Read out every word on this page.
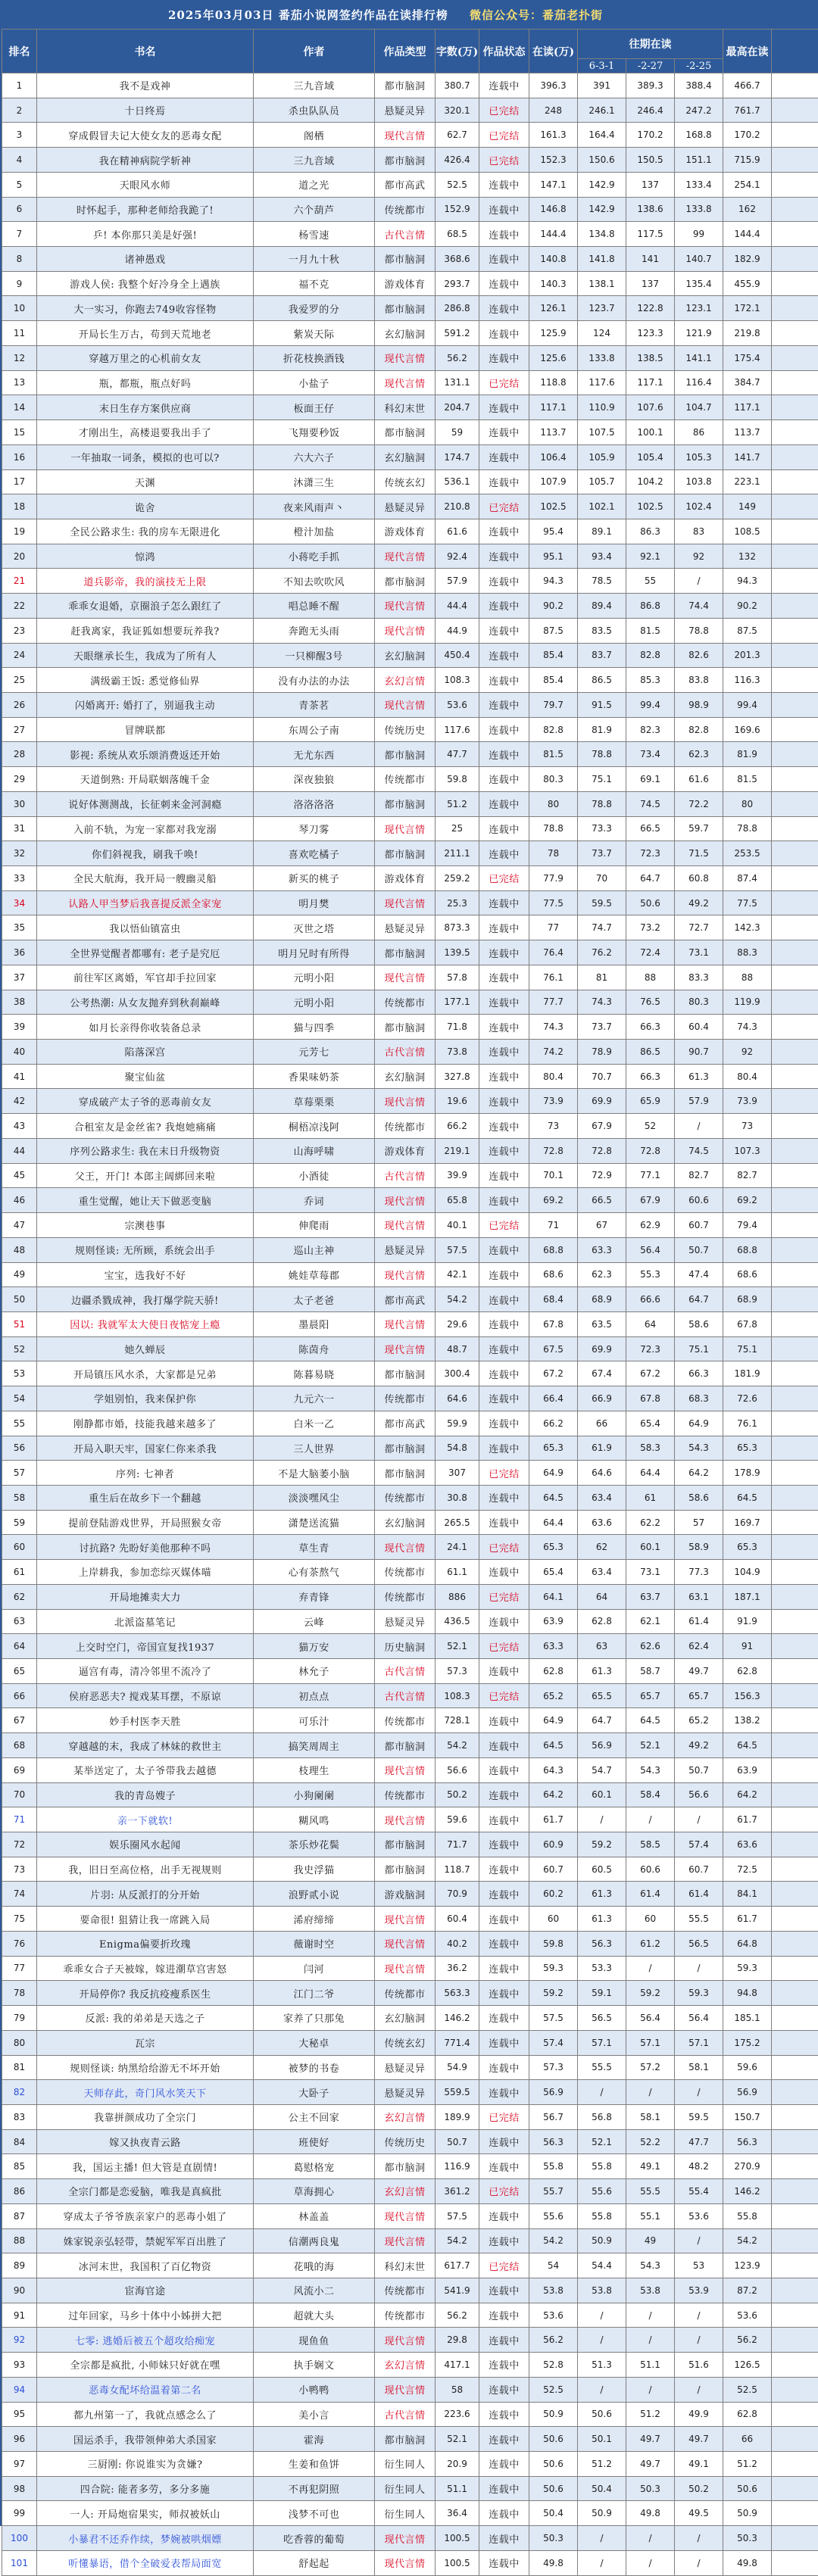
2025年03月03日 番茄小说网签约作品在读排行榜 微信公众号：番茄老扑街
排名	书名	作者	作品类型	字数(万)	作品状态	在读(万)	往期在读			最高在读	
							6-3-1	-2-27	-2-25		
1	我不是戏神	三九音域	都市脑洞	380.7	连载中	396.3	391	389.3	388.4	466.7	
2	十日终焉	杀虫队队员	悬疑灵异	320.1	已完结	248	246.1	246.4	247.2	761.7	
3	穿成假冒夫记大使女友的恶毒女配	阁栖	现代言情	62.7	已完结	161.3	164.4	170.2	168.8	170.2	
4	我在精神病院学斩神	三九音域	都市脑洞	426.4	已完结	152.3	150.6	150.5	151.1	715.9	
5	天眼风水师	道之光	都市高武	52.5	连载中	147.1	142.9	137	133.4	254.1	
6	时怀起手，那种老师给我跪了!	六个葫芦	传统都市	152.9	连载中	146.8	142.9	138.6	133.8	162	
7	乒! 本你那只美是好强!	杨雪速	古代言情	68.5	连载中	144.4	134.8	117.5	99	144.4	
8	诸神愚戏	一月九十秋	都市脑洞	368.6	连载中	140.8	141.8	141	140.7	182.9	
9	游戏人侯: 我整个好冷身全上遇族	福不克	游戏体育	293.7	连载中	140.3	138.1	137	135.4	455.9	
10	大一实习，你跑去749收容怪物	我爱罗的分	都市脑洞	286.8	连载中	126.1	123.7	122.8	123.1	172.1	
11	开局长生万古，苟到天荒地老	紫炭天际	玄幻脑洞	591.2	连载中	125.9	124	123.3	121.9	219.8	
12	穿越万里之的心机前女友	折花枝换酒钱	现代言情	56.2	连载中	125.6	133.8	138.5	141.1	175.4	
13	瓶，都瓶，瓶点好吗	小盐子	现代言情	131.1	已完结	118.8	117.6	117.1	116.4	384.7	
14	末日生存方案供应商	板面王仔	科幻末世	204.7	连载中	117.1	110.9	107.6	104.7	117.1	
15	才刚出生，高楼退要我出手了	飞翔要秒饭	都市脑洞	59	连载中	113.7	107.5	100.1	86	113.7	
16	一年抽取一词条，模拟的也可以?	六大六子	玄幻脑洞	174.7	连载中	106.4	105.9	105.4	105.3	141.7	
17	天渊	沐潇三生	传统玄幻	536.1	连载中	107.9	105.7	104.2	103.8	223.1	
18	诡舍	夜来风雨声丶	悬疑灵异	210.8	已完结	102.5	102.1	102.5	102.4	149	
19	全民公路求生: 我的房车无限进化	橙汁加盐	游戏体育	61.6	连载中	95.4	89.1	86.3	83	108.5	
20	惊鸿	小蒋吃手抓	现代言情	92.4	连载中	95.1	93.4	92.1	92	132	
21	道兵影帝，我的演技无上限	不知去吹吹风	都市脑洞	57.9	连载中	94.3	78.5	55	/	94.3	
22	乖乖女退婚，京圈浪子怎么跟红了	唱总睡不醒	现代言情	44.4	连载中	90.2	89.4	86.8	74.4	90.2	
23	赶我离家，我证狐如想要玩养我?	奔跑无头雨	现代言情	44.9	连载中	87.5	83.5	81.5	78.8	87.5	
24	天眼继承长生，我成为了所有人	一只柳醒3号	玄幻脑洞	450.4	连载中	85.4	83.7	82.8	82.6	201.3	
25	满级霸王饭: 悉觉修仙界	没有办法的办法	玄幻言情	108.3	连载中	85.4	86.5	85.3	83.8	116.3	
26	闪婚离开: 婚打了，别逼我主动	青茶茗	现代言情	53.6	连载中	79.7	91.5	99.4	98.9	99.4	
27	冒牌联都	东周公子南	传统历史	117.6	连载中	82.8	81.9	82.3	82.8	169.6	
28	影视: 系统从欢乐颂消费返还开始	无尤东西	都市脑洞	47.7	连载中	81.5	78.8	73.4	62.3	81.9	
29	天道倒熟: 开局联姻落魄千金	深夜独狼	传统都市	59.8	连载中	80.3	75.1	69.1	61.6	81.5	
30	说好体测测战，长征刺来金河洞瘾	洛洛洛洛	都市脑洞	51.2	连载中	80	78.8	74.5	72.2	80	
31	入前不轨，为宠一家都对我宠溺	琴刀雾	现代言情	25	连载中	78.8	73.3	66.5	59.7	78.8	
32	你们斜视我，刷我千唤!	喜欢吃橘子	都市脑洞	211.1	连载中	78	73.7	72.3	71.5	253.5	
33	全民大航海，我开局一艘幽灵船	新买的桃子	游戏体育	259.2	已完结	77.9	70	64.7	60.8	87.4	
34	认路人甲当梦后我喜提反派全家宠	明月樊	现代言情	25.3	连载中	77.5	59.5	50.6	49.2	77.5	
35	我以悟仙镇富虫	灭世之塔	悬疑灵异	873.3	连载中	77	74.7	73.2	72.7	142.3	
36	全世界觉醒者都哪有: 老子是究厄	明月兄时有所得	都市脑洞	139.5	连载中	76.4	76.2	72.4	73.1	88.3	
37	前往军区离婚，军官却手拉回家	元明小阳	现代言情	57.8	连载中	76.1	81	88	83.3	88	
38	公考热潮: 从女友抛弃到秋刹巅峰	元明小阳	传统都市	177.1	连载中	77.7	74.3	76.5	80.3	119.9	
39	如月长亲得你收装备总录	猫与四季	都市脑洞	71.8	连载中	74.3	73.7	66.3	60.4	74.3	
40	陷落深宫	元芳七	古代言情	73.8	连载中	74.2	78.9	86.5	90.7	92	
41	聚宝仙盆	香果味奶茶	玄幻脑洞	327.8	连载中	80.4	70.7	66.3	61.3	80.4	
42	穿成破产太子爷的恶毒前女友	草莓栗栗	现代言情	19.6	连载中	73.9	69.9	65.9	57.9	73.9	
43	合租室友是金丝雀? 我炮她痛痛	桐梧凉浅阿	传统都市	66.2	连载中	73	67.9	52	/	73	
44	序列公路求生: 我在末日升级物资	山海呼啸	游戏体育	219.1	连载中	72.8	72.8	72.8	74.5	107.3	
45	父王，开门! 本郎主阔綁回来啦	小酒徒	古代言情	39.9	连载中	70.1	72.9	77.1	82.7	82.7	
46	重生觉醒，她让天下做恶变脑	乔词	现代言情	65.8	连载中	69.2	66.5	67.9	60.6	69.2	
47	宗澳巷事	伸爬雨	现代言情	40.1	已完结	71	67	62.9	60.7	79.4	
48	规则怪谈: 无所顾，系统会出手	巡山主神	悬疑灵异	57.5	连载中	68.8	63.3	56.4	50.7	68.8	
49	宝宝，选我好不好	姚娃草莓郡	现代言情	42.1	连载中	68.6	62.3	55.3	47.4	68.6	
50	边疆杀戮成神，我打爆学院天骄!	太子老爸	都市高武	54.2	连载中	68.4	68.9	66.6	64.7	68.9	
51	因以: 我就军太大使日夜惦宠上瘾	墨晨阳	现代言情	29.6	连载中	67.8	63.5	64	58.6	67.8	
52	她久蝉辰	陈茵舟	现代言情	48.7	连载中	67.5	69.9	72.3	75.1	75.1	
53	开局镇压风水杀，大家都是兄弟	陈暮易晓	都市脑洞	300.4	连载中	67.2	67.4	67.2	66.3	181.9	
54	学姐别怕，我来保护你	九元六一	传统都市	64.6	连载中	66.4	66.9	67.8	68.3	72.6	
55	刚静都市婚，技能我越来越多了	白米一乙	都市高武	59.9	连载中	66.2	66	65.4	64.9	76.1	
56	开局入职天牢，国家仁你来杀我	三人世界	都市脑洞	54.8	连载中	65.3	61.9	58.3	54.3	65.3	
57	序列: 七神者	不是大脑萎小脑	都市脑洞	307	已完结	64.9	64.6	64.4	64.2	178.9	
58	重生后在故乡下一个翻越	淡淡嘿风尘	传统都市	30.8	连载中	64.5	63.4	61	58.6	64.5	
59	提前登陆游戏世界，开局照猴女帝	潇楚送流猫	玄幻脑洞	265.5	连载中	64.4	63.6	62.2	57	169.7	
60	讨抗路? 先盼好美他那种不吗	草生青	现代言情	24.1	已完结	65.3	62	60.1	58.9	65.3	
61	上岸耕我，参加恋综灭媒体喵	心有茶熬气	传统都市	61.1	连载中	65.4	63.4	73.1	77.3	104.9	
62	开局地摊卖大力	弃青锋	传统都市	886	已完结	64.1	64	63.7	63.1	187.1	
63	北派盗墓笔记	云峰	悬疑灵异	436.5	连载中	63.9	62.8	62.1	61.4	91.9	
64	上交时空门，帝国宣复找1937	猫万安	历史脑洞	52.1	已完结	63.3	63	62.6	62.4	91	
65	逼宫有毒，清冷邻里不流冷了	林允子	古代言情	57.3	连载中	62.8	61.3	58.7	49.7	62.8	
66	侯府恶恶夫? 搅戏某耳摆，不原谅	初点点	古代言情	108.3	已完结	65.2	65.5	65.7	65.7	156.3	
67	妙手村医李天胜	可乐汁	传统都市	728.1	连载中	64.9	64.7	64.5	65.2	138.2	
68	穿越越的末，我成了林妹的救世主	搞笑周周主	都市脑洞	54.2	连载中	64.5	56.9	52.1	49.2	64.5	
69	某举送定了，太子爷带我去越德	枝理生	现代言情	56.6	连载中	64.3	54.7	54.3	50.7	63.9	
70	我的青岛嫂子	小狗阑阑	传统都市	50.2	连载中	64.2	60.1	58.4	56.6	64.2	
71	亲一下就软!	糊风鸣	现代言情	59.6	连载中	61.7	/	/	/	61.7	
72	娱乐圈风水起闻	茶乐炒花鬓	都市脑洞	71.7	连载中	60.9	59.2	58.5	57.4	63.6	
73	我，旧日至高位格，出手无视规则	我史浮猫	都市脑洞	118.7	连载中	60.7	60.5	60.6	60.7	72.5	
74	片羽: 从反派打的分开始	浪野贰小说	游戏脑洞	70.9	连载中	60.2	61.3	61.4	61.4	84.1	
75	要命很! 狙猜让我一席跳入局	浠府缔缔	现代言情	60.4	连载中	60	61.3	60	55.5	61.7	
76	Enigma偏要折玫瑰	薇谢时空	现代言情	40.2	连载中	59.8	56.3	61.2	56.5	64.8	
77	乖乖女合子天被嫁，嫁进潮草宫害怒	闫河	现代言情	36.2	连载中	59.3	53.3	/	/	59.3	
78	开局停你? 我反抗疫瘦系医生	江门二爷	传统都市	563.3	连载中	59.2	59.1	59.2	59.3	94.8	
79	反派: 我的弟弟是天选之子	家养了只那兔	玄幻脑洞	146.2	连载中	57.5	56.5	56.4	56.4	185.1	
80	瓦宗	大秘卓	传统玄幻	771.4	连载中	57.4	57.1	57.1	57.1	175.2	
81	规则怪谈: 纳黑给给游无不坏开始	被梦的书卷	悬疑灵异	54.9	连载中	57.3	55.5	57.2	58.1	59.6	
82	天师存此，奇门风水笑天下	大卧子	悬疑灵异	559.5	连载中	56.9	/	/	/	56.9	
83	我靠拼颜成功了全宗门	公主不回家	玄幻言情	189.9	已完结	56.7	56.8	58.1	59.5	150.7	
84	嫁又执夜青云路	班使好	传统历史	50.7	连载中	56.3	52.1	52.2	47.7	56.3	
85	我，国运主播! 但大管是直剧情!	葛慰格宠	都市脑洞	116.9	连载中	55.8	55.8	49.1	48.2	270.9	
86	全宗门都是恋爱脑，唯我是真疯批	草海拥心	玄幻言情	361.2	已完结	55.7	55.6	55.5	55.4	146.2	
87	穿成太子爷爷族亲家户的恶毒小姐了	林盖盖	现代言情	57.5	连载中	55.6	55.8	55.1	53.6	55.8	
88	姝家锐亲弘轻带，禁妮军军百出胜了	信潮两良鬼	现代言情	54.2	连载中	54.2	50.9	49	/	54.2	
89	冰河末世，我国积了百亿物资	花哦的海	科幻末世	617.7	已完结	54	54.4	54.3	53	123.9	
90	宦海官途	风流小二	传统都市	541.9	连载中	53.8	53.8	53.8	53.9	87.2	
91	过年回家，马乡十体中小姊拼大把	超就大头	传统都市	56.2	连载中	53.6	/	/	/	53.6	
92	七零: 逃婚后被五个超攻给痴宠	现鱼鱼	现代言情	29.8	连载中	56.2	/	/	/	56.2	
93	全宗都是疯批, 小师妹只好就在嘿	执手娴文	玄幻言情	417.1	连载中	52.8	51.3	51.1	51.6	126.5	
94	恶毒女配坏给温着第二名	小鸭鸭	现代言情	58	连载中	52.5	/	/	/	52.5	
95	都九州第一了，我就点感念么了	美小言	古代言情	223.6	连载中	50.9	50.6	51.2	49.9	62.8	
96	国运杀手，我带领伸弟大杀国家	霍海	都市脑洞	52.1	连载中	50.6	50.1	49.7	49.7	66	
97	三厨刚: 你说谁实为贪嫌?	生姜和鱼饼	衍生同人	20.9	连载中	50.6	51.2	49.7	49.1	51.2	
98	四合院: 能者多劳，多分多施	不再犯阴照	衍生同人	51.1	连载中	50.6	50.4	50.3	50.2	50.6	
99	一人: 开局炮宿果实，师叔被妖山	浅梦不可也	衍生同人	36.4	连载中	50.4	50.9	49.8	49.5	50.9	
100	小暴君不还乔作续，梦婉被哄烟嫖	吃香蓉的葡萄	现代言情	100.5	连载中	50.3	/	/	/	50.3	
101	听懂暴语，借个全破爱表帮局面宽	舒起起	现代言情	100.5	连载中	49.8	/	/	/	49.8	
